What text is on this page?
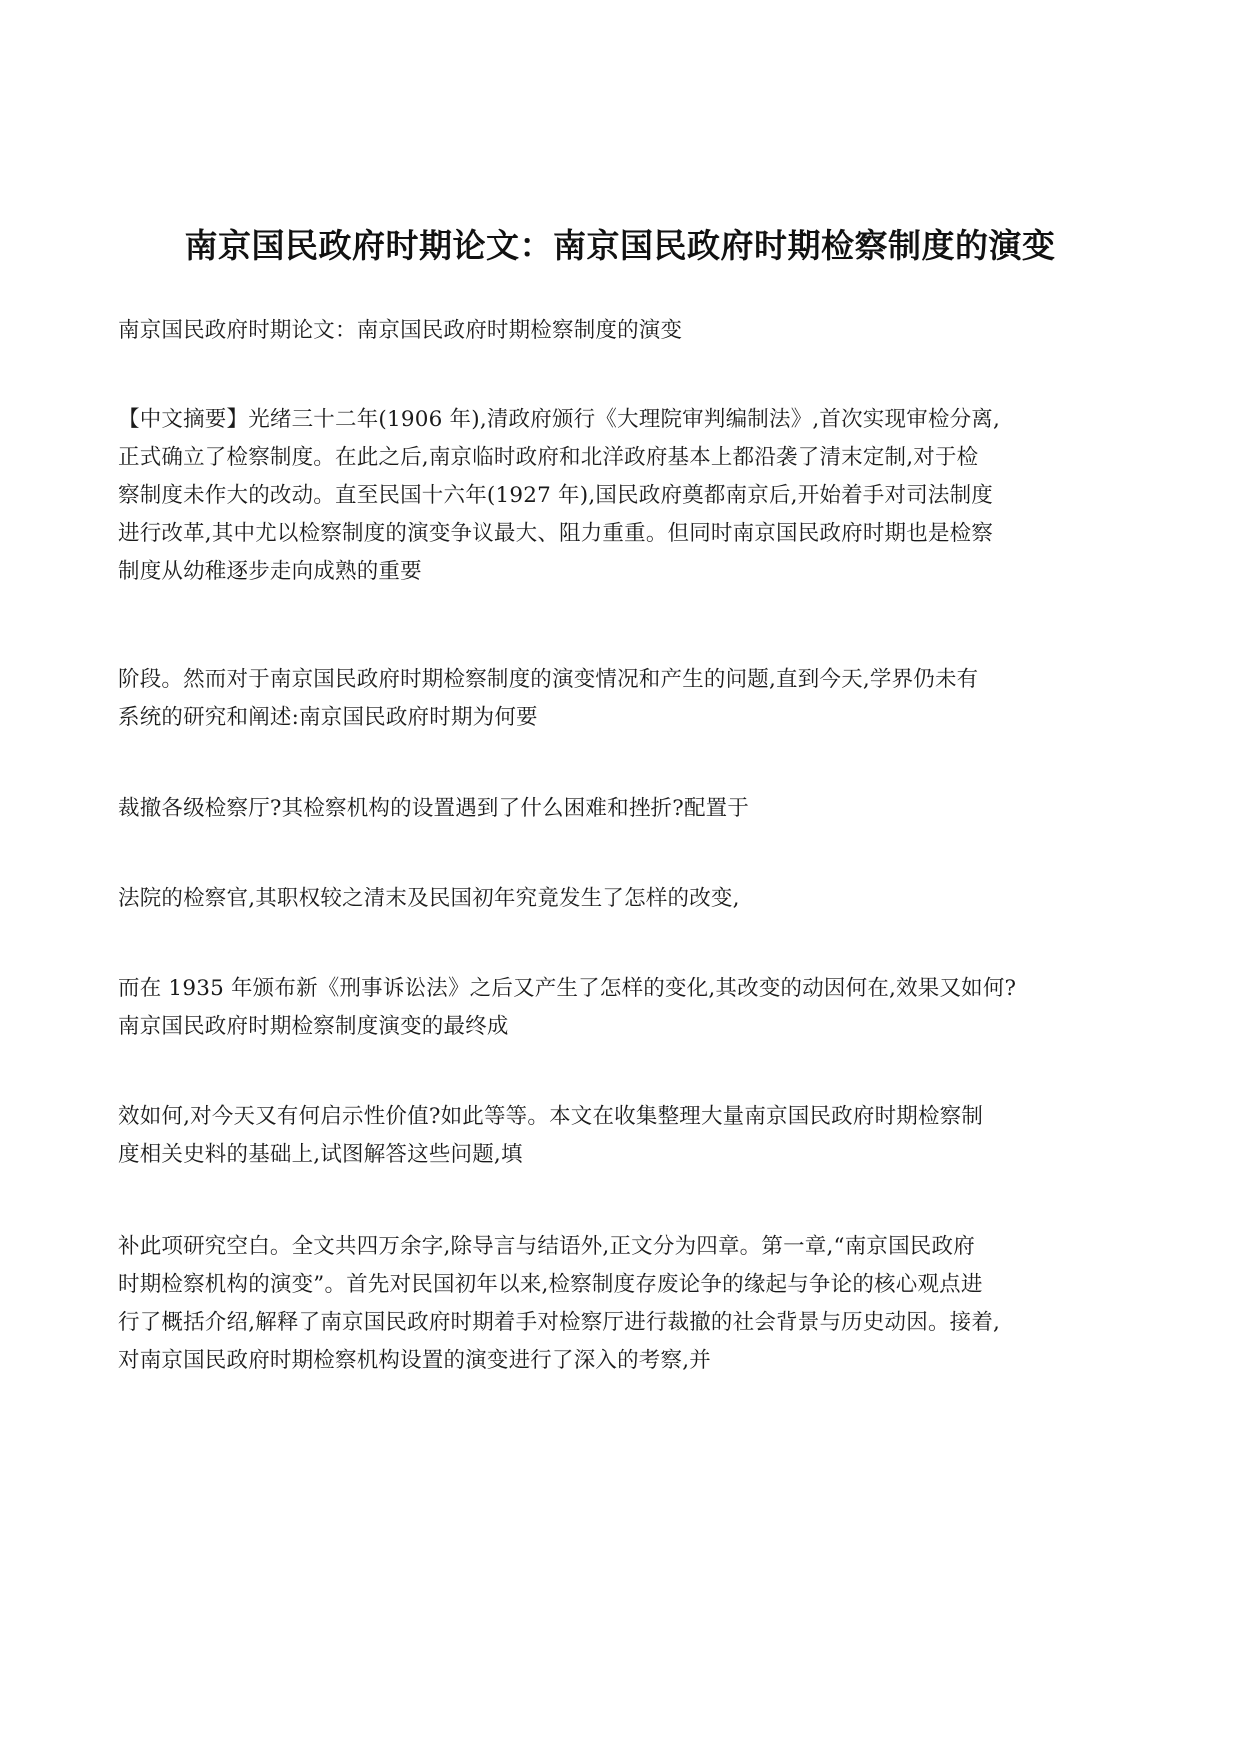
南京国民政府时期论文：南京国民政府时期检察制度的演变
南京国民政府时期论文：南京国民政府时期检察制度的演变
【中文摘要】光绪三十二年(1906 年),清政府颁行《大理院审判编制法》,首次实现审检分离,
正式确立了检察制度。在此之后,南京临时政府和北洋政府基本上都沿袭了清末定制,对于检
察制度未作大的改动。直至民国十六年(1927 年),国民政府奠都南京后,开始着手对司法制度
进行改革,其中尤以检察制度的演变争议最大、阻力重重。但同时南京国民政府时期也是检察
制度从幼稚逐步走向成熟的重要
阶段。然而对于南京国民政府时期检察制度的演变情况和产生的问题,直到今天,学界仍未有
系统的研究和阐述:南京国民政府时期为何要
裁撤各级检察厅?其检察机构的设置遇到了什么困难和挫折?配置于
法院的检察官,其职权较之清末及民国初年究竟发生了怎样的改变,
而在 1935 年颁布新《刑事诉讼法》之后又产生了怎样的变化,其改变的动因何在,效果又如何?
南京国民政府时期检察制度演变的最终成
效如何,对今天又有何启示性价值?如此等等。本文在收集整理大量南京国民政府时期检察制
度相关史料的基础上,试图解答这些问题,填
补此项研究空白。全文共四万余字,除导言与结语外,正文分为四章。第一章,“南京国民政府
时期检察机构的演变”。首先对民国初年以来,检察制度存废论争的缘起与争论的核心观点进
行了概括介绍,解释了南京国民政府时期着手对检察厅进行裁撤的社会背景与历史动因。接着,
对南京国民政府时期检察机构设置的演变进行了深入的考察,并
